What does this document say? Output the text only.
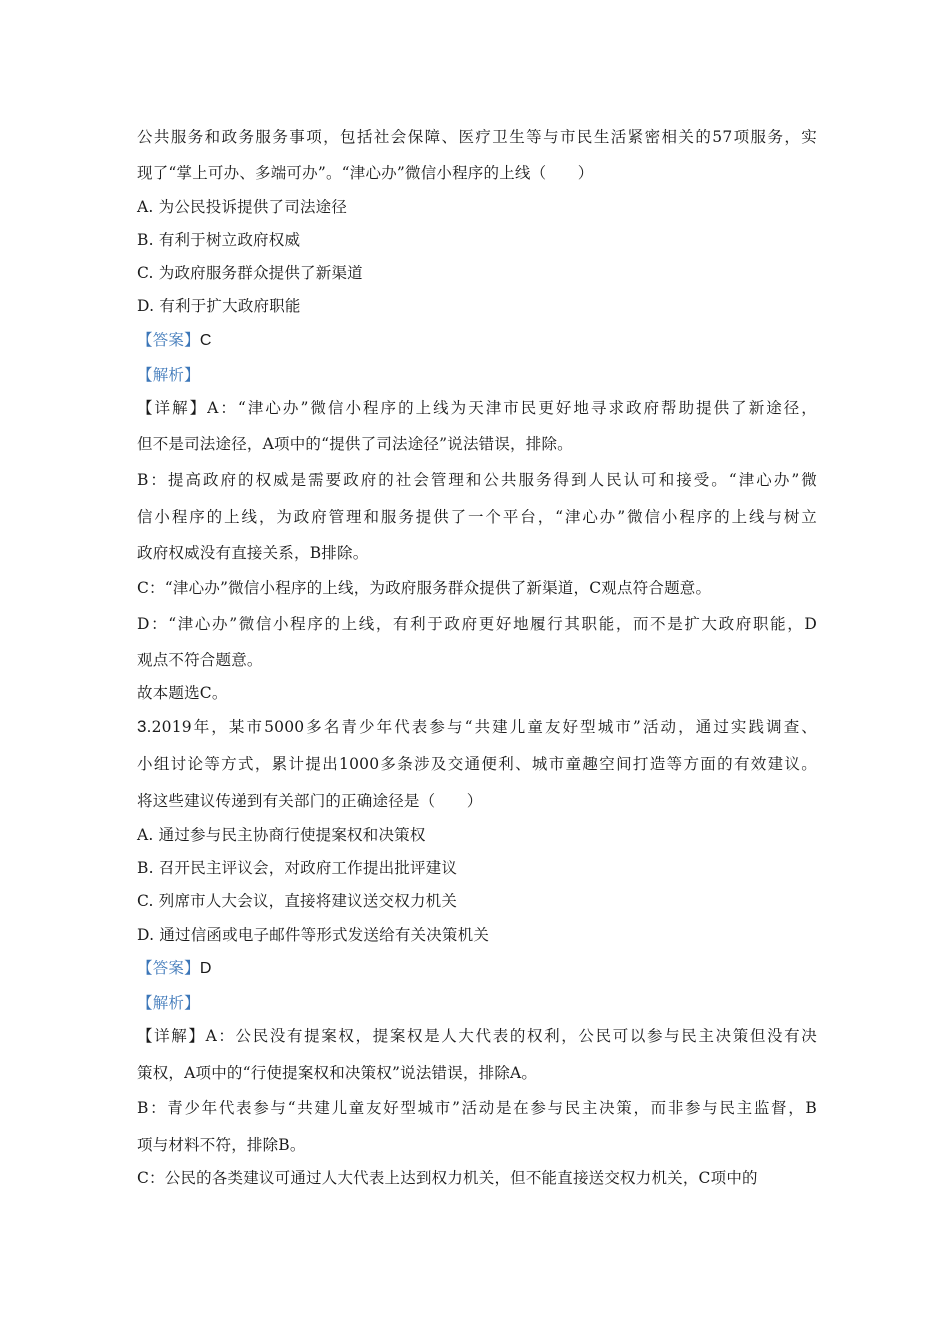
公共服务和政务服务事项，包括社会保障、医疗卫生等与市民生活紧密相关的57项服务，实
现了“掌上可办、多端可办”。“津心办”微信小程序的上线（　　）
A. 为公民投诉提供了司法途径
B. 有利于树立政府权威
C. 为政府服务群众提供了新渠道
D. 有利于扩大政府职能
【答案】C
【解析】
【详解】A：“津心办”微信小程序的上线为天津市民更好地寻求政府帮助提供了新途径，
但不是司法途径，A项中的“提供了司法途径”说法错误，排除。
B：提高政府的权威是需要政府的社会管理和公共服务得到人民认可和接受。“津心办”微
信小程序的上线，为政府管理和服务提供了一个平台，“津心办”微信小程序的上线与树立
政府权威没有直接关系，B排除。
C：“津心办”微信小程序的上线，为政府服务群众提供了新渠道，C观点符合题意。
D：“津心办”微信小程序的上线，有利于政府更好地履行其职能，而不是扩大政府职能，D
观点不符合题意。
故本题选C。
3.2019年，某市5000多名青少年代表参与“共建儿童友好型城市”活动，通过实践调查、
小组讨论等方式，累计提出1000多条涉及交通便利、城市童趣空间打造等方面的有效建议。
将这些建议传递到有关部门的正确途径是（　　）
A. 通过参与民主协商行使提案权和决策权
B. 召开民主评议会，对政府工作提出批评建议
C. 列席市人大会议，直接将建议送交权力机关
D. 通过信函或电子邮件等形式发送给有关决策机关
【答案】D
【解析】
【详解】A：公民没有提案权，提案权是人大代表的权利，公民可以参与民主决策但没有决
策权，A项中的“行使提案权和决策权”说法错误，排除A。
B：青少年代表参与“共建儿童友好型城市”活动是在参与民主决策，而非参与民主监督，B
项与材料不符，排除B。
C：公民的各类建议可通过人大代表上达到权力机关，但不能直接送交权力机关，C项中的
